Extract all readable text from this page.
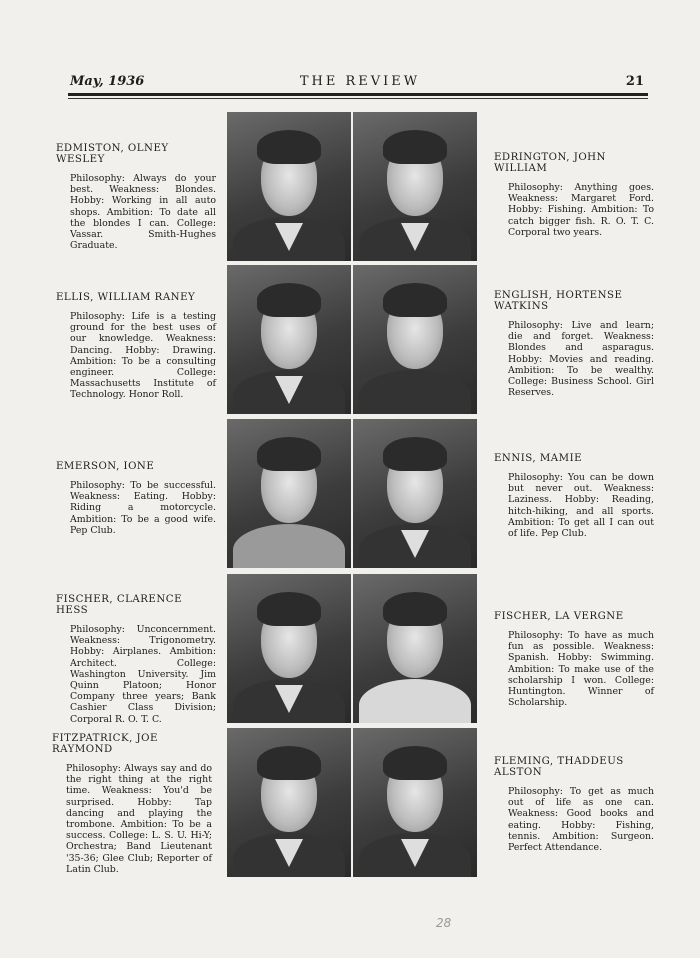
May, 1936	THE REVIEW	21

EDMISTON, OLNEY WESLEY

Philosophy: Always do your best. Weakness: Blondes. Hobby: Working in all auto shops. Ambition: To date all the blondes I can. College: Vassar. Smith-Hughes Graduate.

ELLIS, WILLIAM RANEY

Philosophy: Life is a testing ground for the best uses of our knowledge. Weakness: Dancing. Hobby: Drawing. Ambition: To be a consulting engineer. College: Massachusetts Institute of Technology. Honor Roll.

EMERSON, IONE

Philosophy: To be successful. Weakness: Eating. Hobby: Riding a motorcycle. Ambition: To be a good wife. Pep Club.

FISCHER, CLARENCE HESS

Philosophy: Unconcernment. Weakness: Trigonometry. Hobby: Airplanes. Ambition: Architect. College: Washington University. Jim Quinn Platoon; Honor Company three years; Bank Cashier Class Division; Corporal R. O. T. C.

FITZPATRICK, JOE RAYMOND

Philosophy: Always say and do the right thing at the right time. Weakness: You'd be surprised. Hobby: Tap dancing and playing the trombone. Ambition: To be a success. College: L. S. U. Hi-Y; Orchestra; Band Lieutenant '35-36; Glee Club; Reporter of Latin Club.

EDRINGTON, JOHN WILLIAM

Philosophy: Anything goes. Weakness: Margaret Ford. Hobby: Fishing. Ambition: To catch bigger fish. R. O. T. C. Corporal two years.

ENGLISH, HORTENSE WATKINS

Philosophy: Live and learn; die and forget. Weakness: Blondes and asparagus. Hobby: Movies and reading. Ambition: To be wealthy. College: Business School. Girl Reserves.

ENNIS, MAMIE

Philosophy: You can be down but never out. Weakness: Laziness. Hobby: Reading, hitch-hiking, and all sports. Ambition: To get all I can out of life. Pep Club.

FISCHER, LA VERGNE

Philosophy: To have as much fun as possible. Weakness: Spanish. Hobby: Swimming. Ambition: To make use of the scholarship I won. College: Huntington. Winner of Scholarship.

FLEMING, THADDEUS ALSTON

Philosophy: To get as much out of life as one can. Weakness: Good books and eating. Hobby: Fishing, tennis. Ambition: Surgeon. Perfect Attendance.

28
